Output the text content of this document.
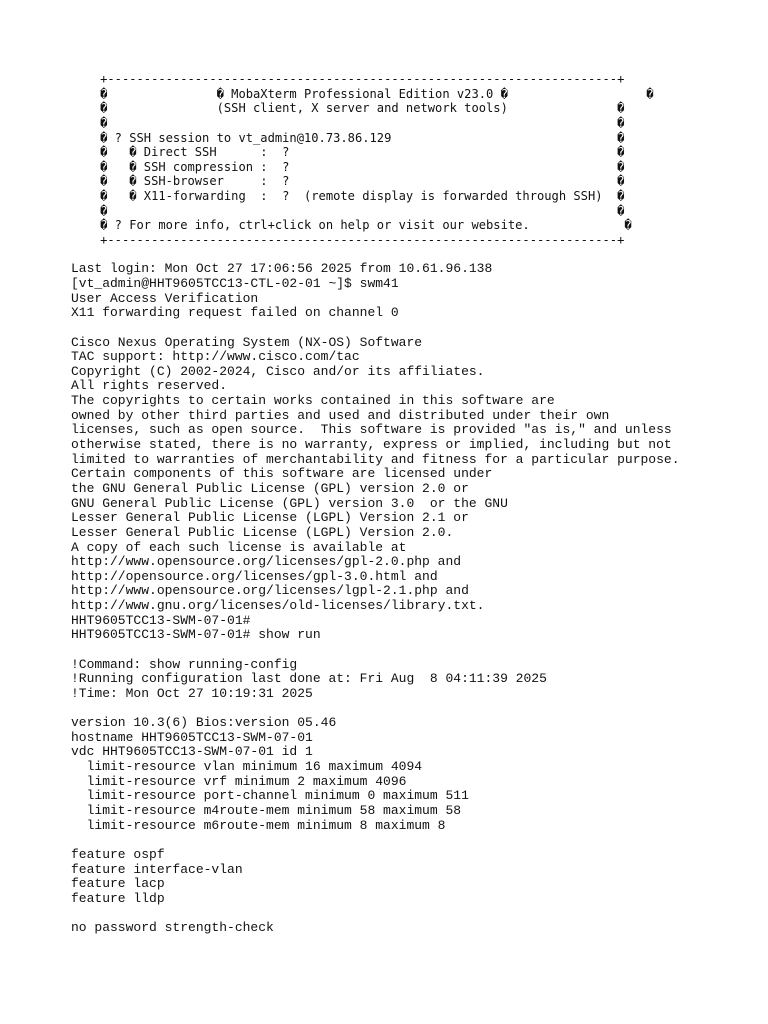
+----------------------------------------------------------------------+
�               � MobaXterm Professional Edition v23.0 �                   �
�               (SSH client, X server and network tools)               �
�                                                                      �
� ? SSH session to vt_admin@10.73.86.129                               �
�   � Direct SSH      :  ?                                             �
�   � SSH compression :  ?                                             �
�   � SSH-browser     :  ?                                             �
�   � X11-forwarding  :  ?  (remote display is forwarded through SSH)  �
�                                                                      �
� ? For more info, ctrl+click on help or visit our website.             �
+----------------------------------------------------------------------+
Last login: Mon Oct 27 17:06:56 2025 from 10.61.96.138
[vt_admin@HHT9605TCC13-CTL-02-01 ~]$ swm41
User Access Verification
X11 forwarding request failed on channel 0
Cisco Nexus Operating System (NX-OS) Software
TAC support: http://www.cisco.com/tac
Copyright (C) 2002-2024, Cisco and/or its affiliates.
All rights reserved.
The copyrights to certain works contained in this software are
owned by other third parties and used and distributed under their own
licenses, such as open source.  This software is provided "as is," and unless
otherwise stated, there is no warranty, express or implied, including but not
limited to warranties of merchantability and fitness for a particular purpose.
Certain components of this software are licensed under
the GNU General Public License (GPL) version 2.0 or
GNU General Public License (GPL) version 3.0  or the GNU
Lesser General Public License (LGPL) Version 2.1 or
Lesser General Public License (LGPL) Version 2.0.
A copy of each such license is available at
http://www.opensource.org/licenses/gpl-2.0.php and
http://opensource.org/licenses/gpl-3.0.html and
http://www.opensource.org/licenses/lgpl-2.1.php and
http://www.gnu.org/licenses/old-licenses/library.txt.
HHT9605TCC13-SWM-07-01#
HHT9605TCC13-SWM-07-01# show run
!Command: show running-config
!Running configuration last done at: Fri Aug  8 04:11:39 2025
!Time: Mon Oct 27 10:19:31 2025
version 10.3(6) Bios:version 05.46
hostname HHT9605TCC13-SWM-07-01
vdc HHT9605TCC13-SWM-07-01 id 1
limit-resource vlan minimum 16 maximum 4094
limit-resource vrf minimum 2 maximum 4096
limit-resource port-channel minimum 0 maximum 511
limit-resource m4route-mem minimum 58 maximum 58
limit-resource m6route-mem minimum 8 maximum 8
feature ospf
feature interface-vlan
feature lacp
feature lldp
no password strength-check
